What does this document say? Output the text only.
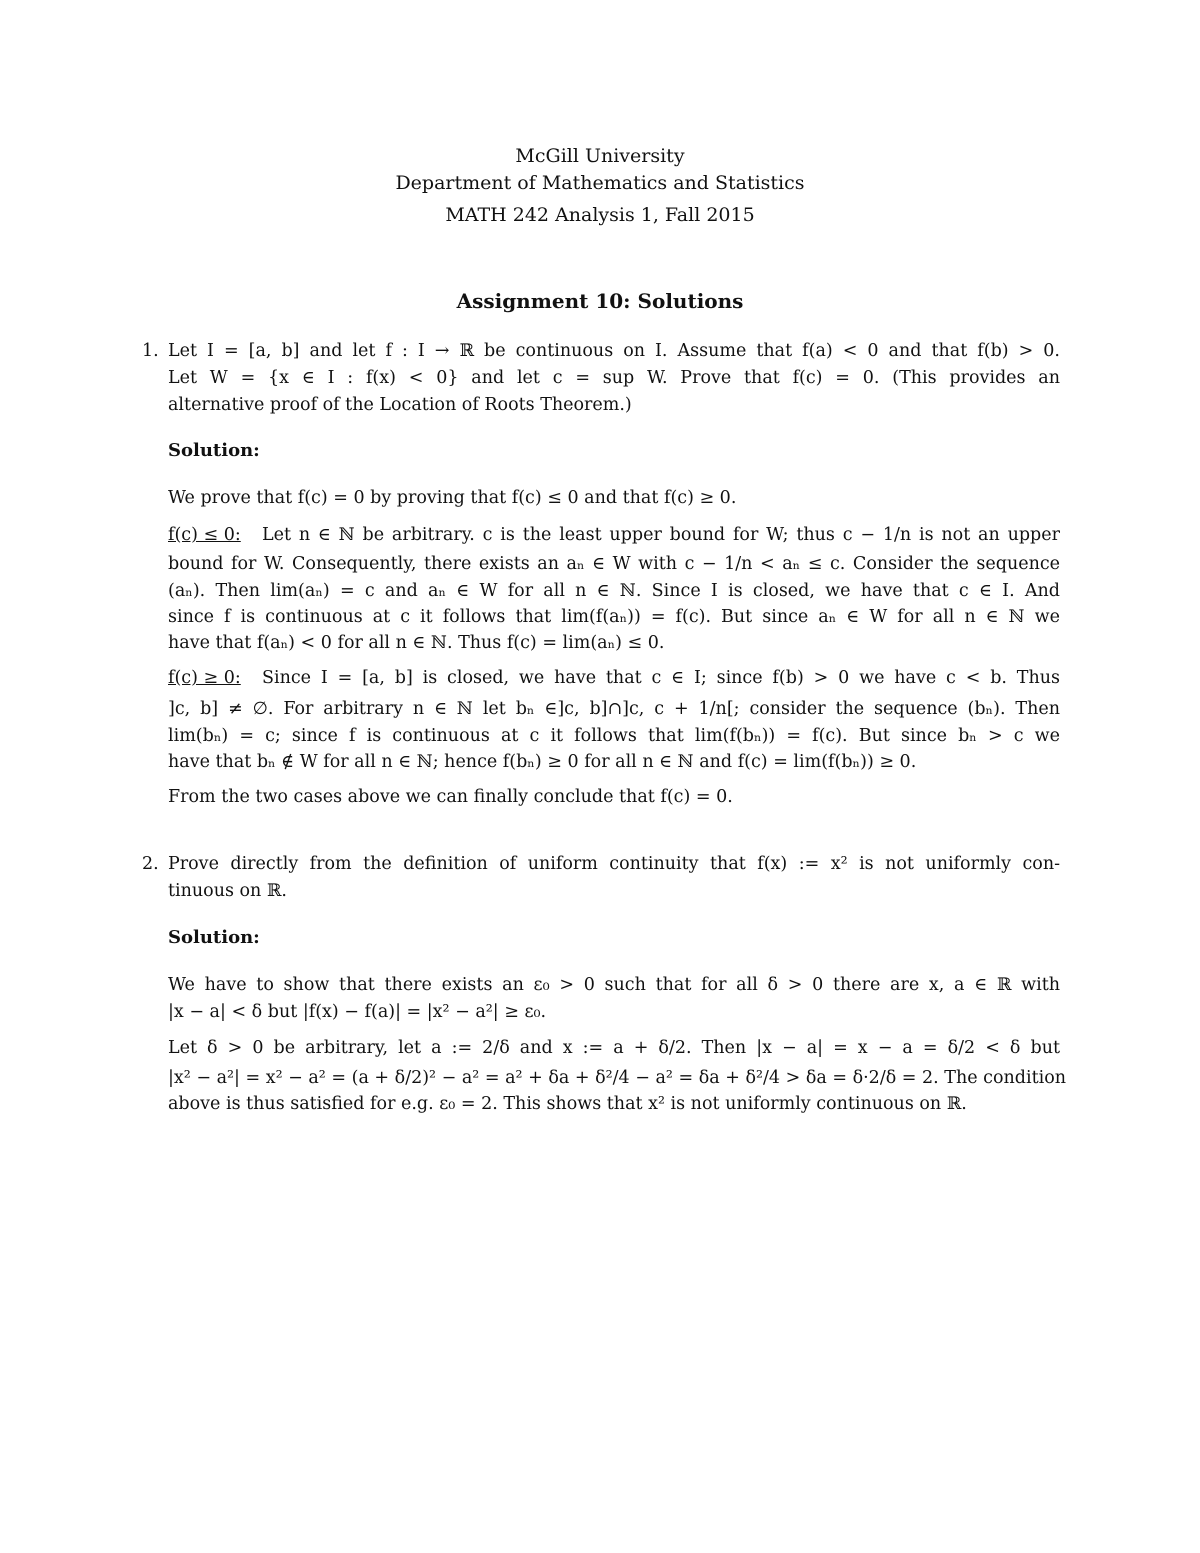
McGill University
Department of Mathematics and Statistics
MATH 242 Analysis 1, Fall 2015
Assignment 10: Solutions
1. Let I = [a, b] and let f : I → ℝ be continuous on I. Assume that f(a) < 0 and that f(b) > 0.
Let W = {x ∈ I : f(x) < 0} and let c = sup W. Prove that f(c) = 0. (This provides an
alternative proof of the Location of Roots Theorem.)
Solution:
We prove that f(c) = 0 by proving that f(c) ≤ 0 and that f(c) ≥ 0.
f(c) ≤ 0:	Let n ∈ ℕ be arbitrary. c is the least upper bound for W; thus c − 1/n is not an upper
bound for W. Consequently, there exists an aₙ ∈ W with c − 1/n < aₙ ≤ c. Consider the sequence
(aₙ). Then lim(aₙ) = c and aₙ ∈ W for all n ∈ ℕ. Since I is closed, we have that c ∈ I. And
since f is continuous at c it follows that lim(f(aₙ)) = f(c). But since aₙ ∈ W for all n ∈ ℕ we
have that f(aₙ) < 0 for all n ∈ ℕ. Thus f(c) = lim(aₙ) ≤ 0.
f(c) ≥ 0:	Since I = [a, b] is closed, we have that c ∈ I; since f(b) > 0 we have c < b. Thus
]c, b] ≠ ∅. For arbitrary n ∈ ℕ let bₙ ∈]c, b]∩]c, c + 1/n[; consider the sequence (bₙ). Then
lim(bₙ) = c; since f is continuous at c it follows that lim(f(bₙ)) = f(c). But since bₙ > c we
have that bₙ ∉ W for all n ∈ ℕ; hence f(bₙ) ≥ 0 for all n ∈ ℕ and f(c) = lim(f(bₙ)) ≥ 0.
From the two cases above we can finally conclude that f(c) = 0.
2. Prove directly from the definition of uniform continuity that f(x) := x² is not uniformly con-
tinuous on ℝ.
Solution:
We have to show that there exists an ε₀ > 0 such that for all δ > 0 there are x, a ∈ ℝ with
|x − a| < δ but |f(x) − f(a)| = |x² − a²| ≥ ε₀.
Let δ > 0 be arbitrary, let a := 2/δ and x := a + δ/2. Then |x − a| = x − a = δ/2 < δ but
|x² − a²| = x² − a² = (a + δ/2)² − a² = a² + δa + δ²/4 − a² = δa + δ²/4 > δa = δ·2/δ = 2. The condition
above is thus satisfied for e.g. ε₀ = 2. This shows that x² is not uniformly continuous on ℝ.
